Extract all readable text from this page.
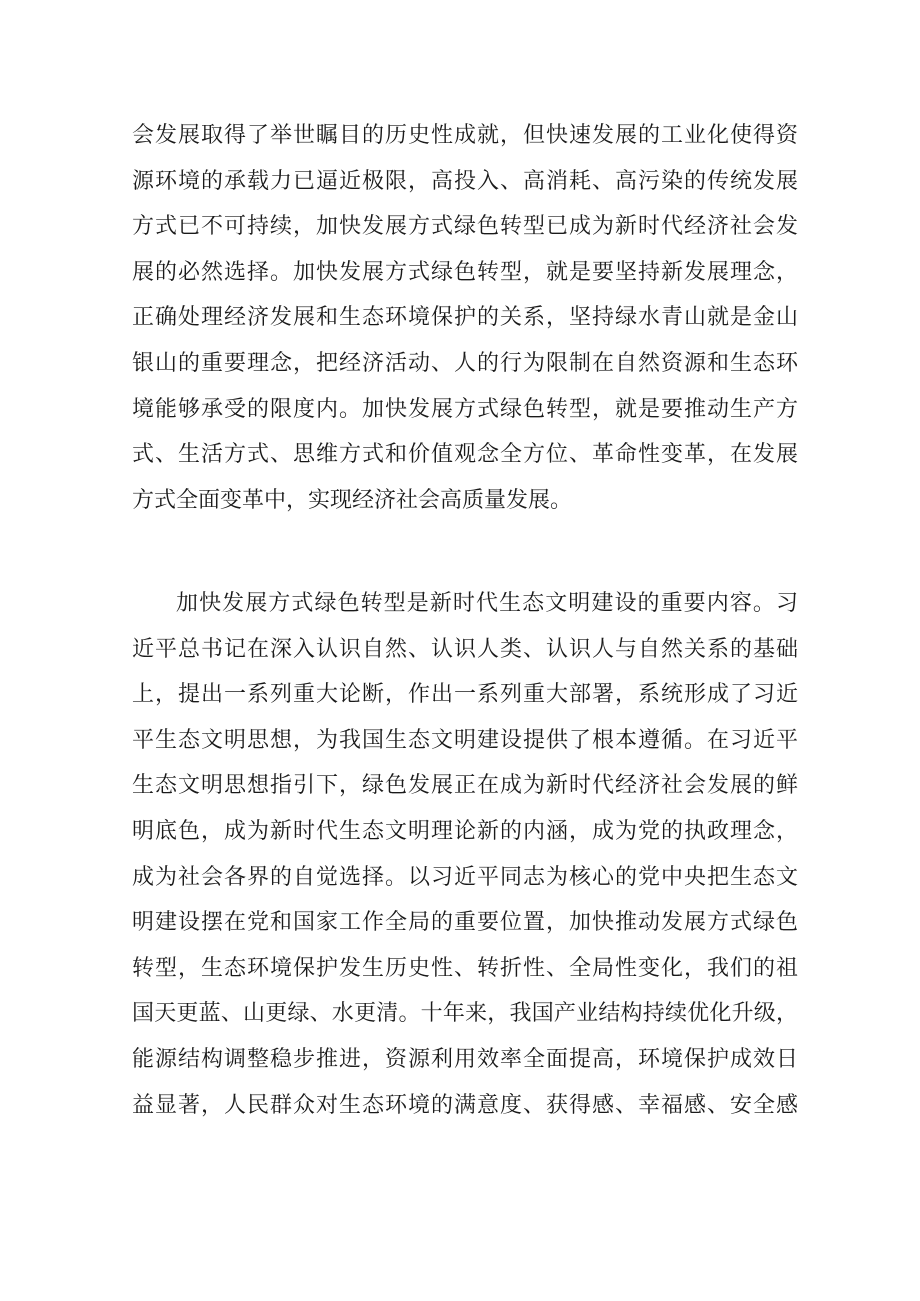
会发展取得了举世瞩目的历史性成就，但快速发展的工业化使得资
源环境的承载力已逼近极限，高投入、高消耗、高污染的传统发展
方式已不可持续，加快发展方式绿色转型已成为新时代经济社会发
展的必然选择。加快发展方式绿色转型，就是要坚持新发展理念，
正确处理经济发展和生态环境保护的关系，坚持绿水青山就是金山
银山的重要理念，把经济活动、人的行为限制在自然资源和生态环
境能够承受的限度内。加快发展方式绿色转型，就是要推动生产方
式、生活方式、思维方式和价值观念全方位、革命性变革，在发展
方式全面变革中，实现经济社会高质量发展。
加快发展方式绿色转型是新时代生态文明建设的重要内容。习
近平总书记在深入认识自然、认识人类、认识人与自然关系的基础
上，提出一系列重大论断，作出一系列重大部署，系统形成了习近
平生态文明思想，为我国生态文明建设提供了根本遵循。在习近平
生态文明思想指引下，绿色发展正在成为新时代经济社会发展的鲜
明底色，成为新时代生态文明理论新的内涵，成为党的执政理念，
成为社会各界的自觉选择。以习近平同志为核心的党中央把生态文
明建设摆在党和国家工作全局的重要位置，加快推动发展方式绿色
转型，生态环境保护发生历史性、转折性、全局性变化，我们的祖
国天更蓝、山更绿、水更清。十年来，我国产业结构持续优化升级，
能源结构调整稳步推进，资源利用效率全面提高，环境保护成效日
益显著，人民群众对生态环境的满意度、获得感、幸福感、安全感
